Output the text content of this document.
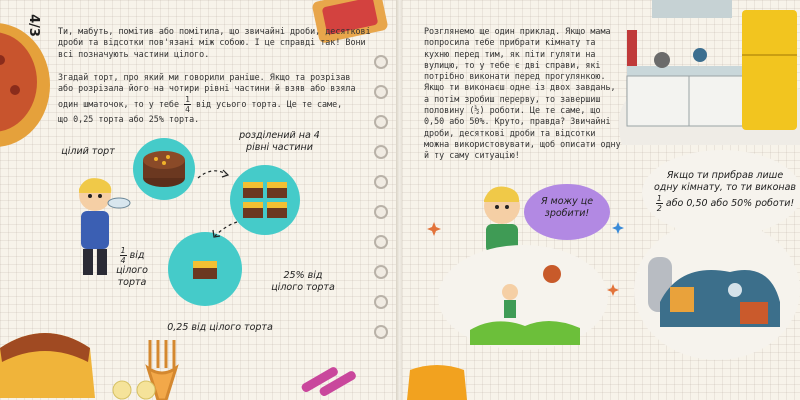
4/3 Ти, мабуть, помітив або помітила, що звичайні дроби, десяткові дроби та відсотки пов'язані між собою. І це справді так! Вони всі позначують частини цілого.

Згадай торт, про який ми говорили раніше. Якщо та розрізав
або розрізала його на чотири рівні частини й взяв або взяла
один шматочок, то у тебе $\frac{1}{4}$ від усього торта. Це те саме,
що 0,25 торта або 25% торта.

цілий торт
розділений на 4 рівні частини
$\frac{1}{4}$ від
цілого торта
25% від цілого торта
0,25 від цілого торта

Розглянемо ще один приклад. Якщо мама попросила тебе прибрати кімнату та кухню перед тим, як піти гуляти на вулицю, то у тебе є дві справи, які потрібно виконати перед прогулянкою. Якщо ти виконаєш одне із двох завдань, а потім зробиш перерву, то завершиш половину (½) роботи. Це те саме, що 0,50 або 50%. Круто, правда? Звичайні дроби, десяткові дроби та відсотки можна використовувати, щоб описати одну й ту саму ситуацію!

Якщо ти прибрав лише
одну кімнату, то ти виконав

$\frac{1}{2}$ або 0,50 або 50% роботи!
Я можу це зробити!
